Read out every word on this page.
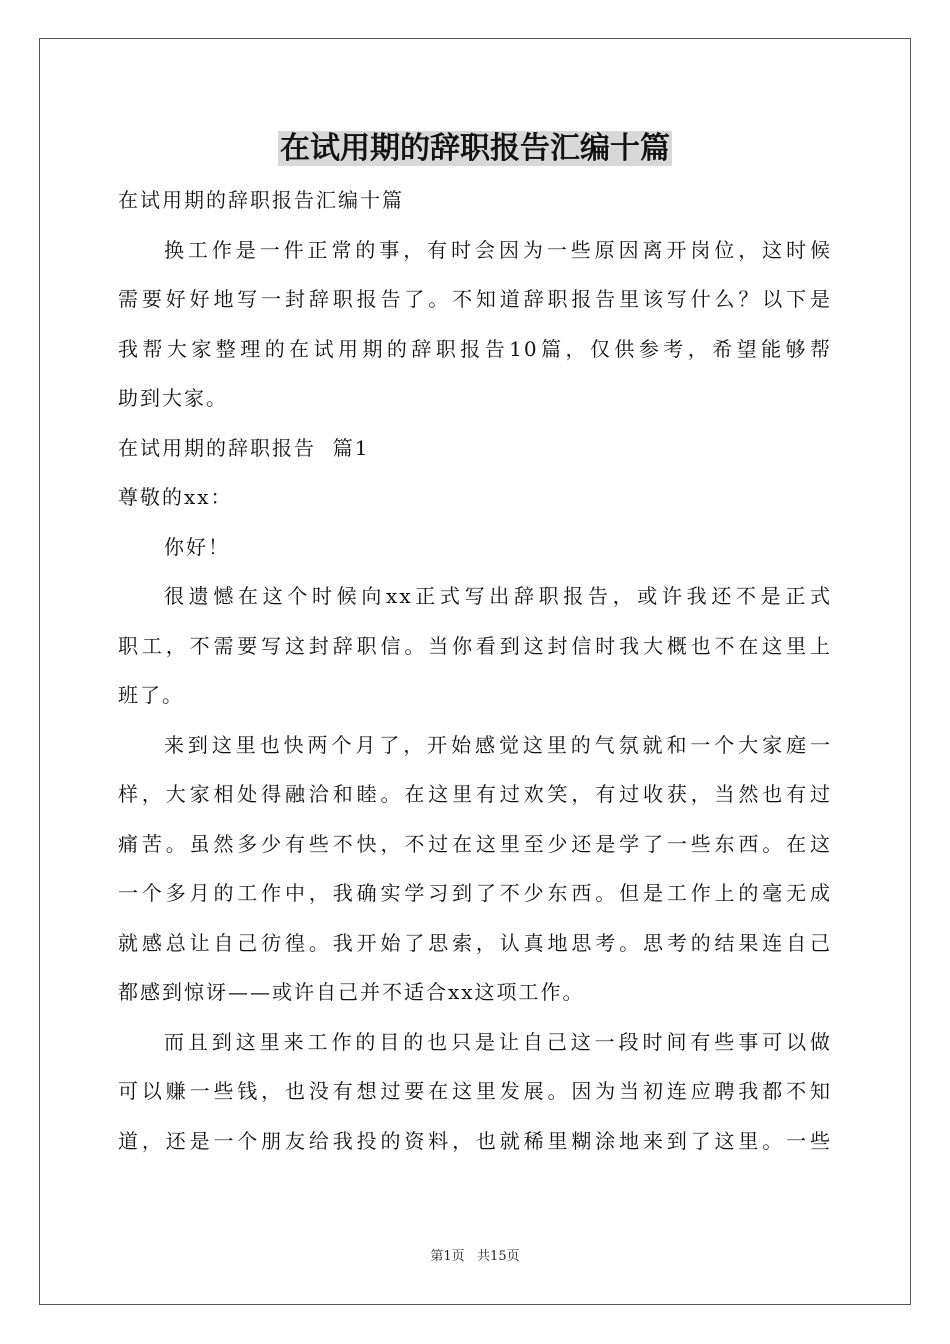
在试用期的辞职报告汇编十篇
在试用期的辞职报告汇编十篇
换工作是一件正常的事，有时会因为一些原因离开岗位，这时候
需要好好地写一封辞职报告了。不知道辞职报告里该写什么？以下是
我帮大家整理的在试用期的辞职报告10篇，仅供参考，希望能够帮
助到大家。
在试用期的辞职报告  篇1
尊敬的xx：
你好！
很遗憾在这个时候向xx正式写出辞职报告，或许我还不是正式
职工，不需要写这封辞职信。当你看到这封信时我大概也不在这里上
班了。
来到这里也快两个月了，开始感觉这里的气氛就和一个大家庭一
样，大家相处得融洽和睦。在这里有过欢笑，有过收获，当然也有过
痛苦。虽然多少有些不快，不过在这里至少还是学了一些东西。在这
一个多月的工作中，我确实学习到了不少东西。但是工作上的毫无成
就感总让自己彷徨。我开始了思索，认真地思考。思考的结果连自己
都感到惊讶——或许自己并不适合xx这项工作。
而且到这里来工作的目的也只是让自己这一段时间有些事可以做
可以赚一些钱，也没有想过要在这里发展。因为当初连应聘我都不知
道，还是一个朋友给我投的资料，也就稀里糊涂地来到了这里。一些
第1页   共15页
